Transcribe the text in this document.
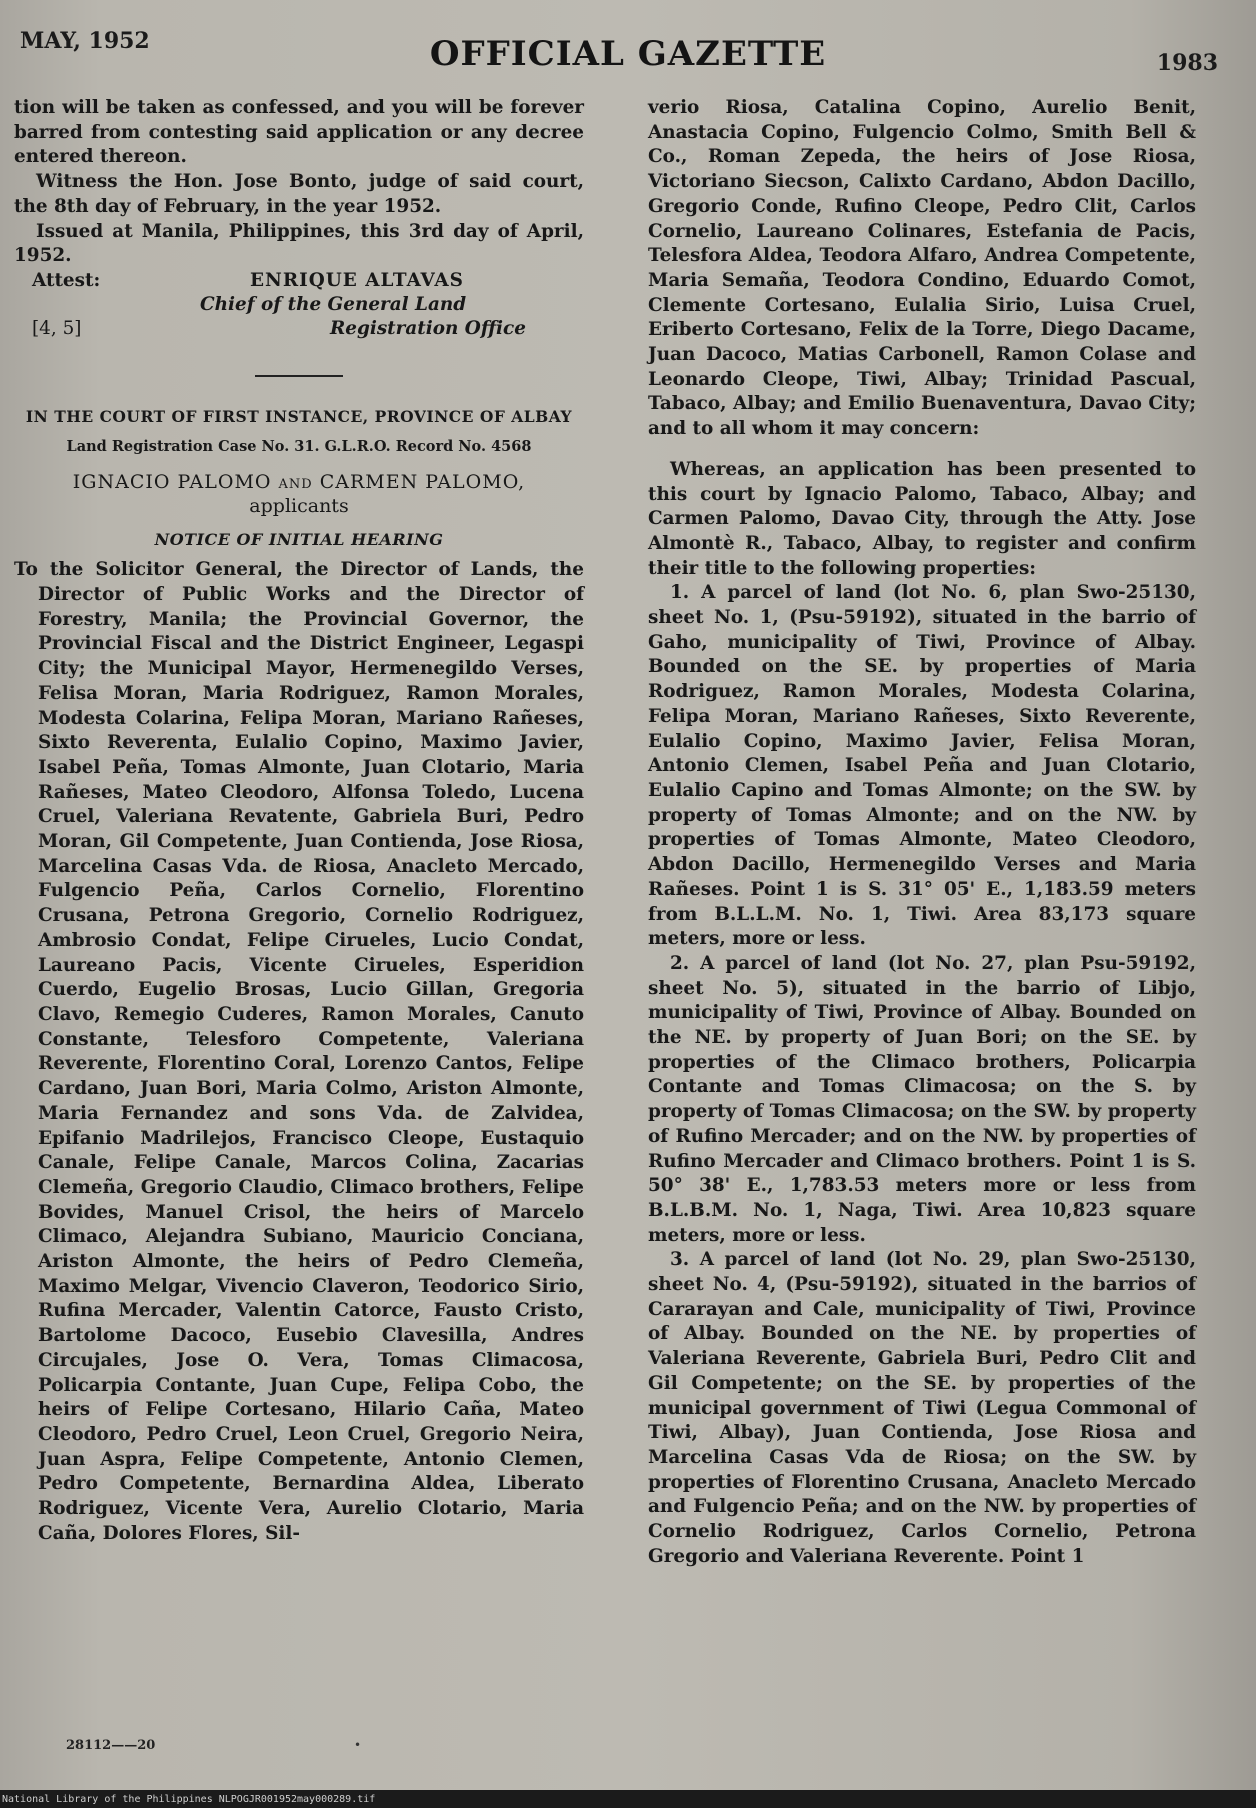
MAY, 1952	OFFICIAL GAZETTE	1983

tion will be taken as confessed, and you will be forever barred from contesting said application or any decree entered thereon.

Witness the Hon. Jose Bonto, judge of said court, the 8th day of February, in the year 1952.

Issued at Manila, Philippines, this 3rd day of April, 1952.

Attest:	ENRIQUE ALTAVAS
Chief of the General Land
[4, 5]	Registration Office
IN THE COURT OF FIRST INSTANCE, PROVINCE OF ALBAY
Land Registration Case No. 31. G.L.R.O. Record No. 4568
IGNACIO PALOMO and CARMEN PALOMO,
applicants
NOTICE OF INITIAL HEARING

To the Solicitor General, the Director of Lands, the Director of Public Works and the Director of Forestry, Manila; the Provincial Governor, the Provincial Fiscal and the District Engineer, Legaspi City; the Municipal Mayor, Hermenegildo Verses, Felisa Moran, Maria Rodriguez, Ramon Morales, Modesta Colarina, Felipa Moran, Mariano Rañeses, Sixto Reverenta, Eulalio Copino, Maximo Javier, Isabel Peña, Tomas Almonte, Juan Clotario, Maria Rañeses, Mateo Cleodoro, Alfonsa Toledo, Lucena Cruel, Valeriana Revatente, Gabriela Buri, Pedro Moran, Gil Competente, Juan Contienda, Jose Riosa, Marcelina Casas Vda. de Riosa, Anacleto Mercado, Fulgencio Peña, Carlos Cornelio, Florentino Crusana, Petrona Gregorio, Cornelio Rodriguez, Ambrosio Condat, Felipe Cirueles, Lucio Condat, Laureano Pacis, Vicente Cirueles, Esperidion Cuerdo, Eugelio Brosas, Lucio Gillan, Gregoria Clavo, Remegio Cuderes, Ramon Morales, Canuto Constante, Telesforo Competente, Valeriana Reverente, Florentino Coral, Lorenzo Cantos, Felipe Cardano, Juan Bori, Maria Colmo, Ariston Almonte, Maria Fernandez and sons Vda. de Zalvidea, Epifanio Madrilejos, Francisco Cleope, Eustaquio Canale, Felipe Canale, Marcos Colina, Zacarias Clemeña, Gregorio Claudio, Climaco brothers, Felipe Bovides, Manuel Crisol, the heirs of Marcelo Climaco, Alejandra Subiano, Mauricio Conciana, Ariston Almonte, the heirs of Pedro Clemeña, Maximo Melgar, Vivencio Claveron, Teodorico Sirio, Rufina Mercader, Valentin Catorce, Fausto Cristo, Bartolome Dacoco, Eusebio Clavesilla, Andres Circujales, Jose O. Vera, Tomas Climacosa, Policarpia Contante, Juan Cupe, Felipa Cobo, the heirs of Felipe Cortesano, Hilario Caña, Mateo Cleodoro, Pedro Cruel, Leon Cruel, Gregorio Neira, Juan Aspra, Felipe Competente, Antonio Clemen, Pedro Competente, Bernardina Aldea, Liberato Rodriguez, Vicente Vera, Aurelio Clotario, Maria Caña, Dolores Flores, Sil-

verio Riosa, Catalina Copino, Aurelio Benit, Anastacia Copino, Fulgencio Colmo, Smith Bell & Co., Roman Zepeda, the heirs of Jose Riosa, Victoriano Siecson, Calixto Cardano, Abdon Dacillo, Gregorio Conde, Rufino Cleope, Pedro Clit, Carlos Cornelio, Laureano Colinares, Estefania de Pacis, Telesfora Aldea, Teodora Alfaro, Andrea Competente, Maria Semaña, Teodora Condino, Eduardo Comot, Clemente Cortesano, Eulalia Sirio, Luisa Cruel, Eriberto Cortesano, Felix de la Torre, Diego Dacame, Juan Dacoco, Matias Carbonell, Ramon Colase and Leonardo Cleope, Tiwi, Albay; Trinidad Pascual, Tabaco, Albay; and Emilio Buenaventura, Davao City; and to all whom it may concern:

Whereas, an application has been presented to this court by Ignacio Palomo, Tabaco, Albay; and Carmen Palomo, Davao City, through the Atty. Jose Almontè R., Tabaco, Albay, to register and confirm their title to the following properties:

1. A parcel of land (lot No. 6, plan Swo-25130, sheet No. 1, (Psu-59192), situated in the barrio of Gaho, municipality of Tiwi, Province of Albay. Bounded on the SE. by properties of Maria Rodriguez, Ramon Morales, Modesta Colarina, Felipa Moran, Mariano Rañeses, Sixto Reverente, Eulalio Copino, Maximo Javier, Felisa Moran, Antonio Clemen, Isabel Peña and Juan Clotario, Eulalio Capino and Tomas Almonte; on the SW. by property of Tomas Almonte; and on the NW. by properties of Tomas Almonte, Mateo Cleodoro, Abdon Dacillo, Hermenegildo Verses and Maria Rañeses. Point 1 is S. 31° 05' E., 1,183.59 meters from B.L.L.M. No. 1, Tiwi. Area 83,173 square meters, more or less.

2. A parcel of land (lot No. 27, plan Psu-59192, sheet No. 5), situated in the barrio of Libjo, municipality of Tiwi, Province of Albay. Bounded on the NE. by property of Juan Bori; on the SE. by properties of the Climaco brothers, Policarpia Contante and Tomas Climacosa; on the S. by property of Tomas Climacosa; on the SW. by property of Rufino Mercader; and on the NW. by properties of Rufino Mercader and Climaco brothers. Point 1 is S. 50° 38' E., 1,783.53 meters more or less from B.L.B.M. No. 1, Naga, Tiwi. Area 10,823 square meters, more or less.

3. A parcel of land (lot No. 29, plan Swo-25130, sheet No. 4, (Psu-59192), situated in the barrios of Cararayan and Cale, municipality of Tiwi, Province of Albay. Bounded on the NE. by properties of Valeriana Reverente, Gabriela Buri, Pedro Clit and Gil Competente; on the SE. by properties of the municipal government of Tiwi (Legua Commonal of Tiwi, Albay), Juan Contienda, Jose Riosa and Marcelina Casas Vda de Riosa; on the SW. by properties of Florentino Crusana, Anacleto Mercado and Fulgencio Peña; and on the NW. by properties of Cornelio Rodriguez, Carlos Cornelio, Petrona Gregorio and Valeriana Reverente. Point 1

28112——20	•
National Library of the Philippines NLPOGJR001952may000289.tif
